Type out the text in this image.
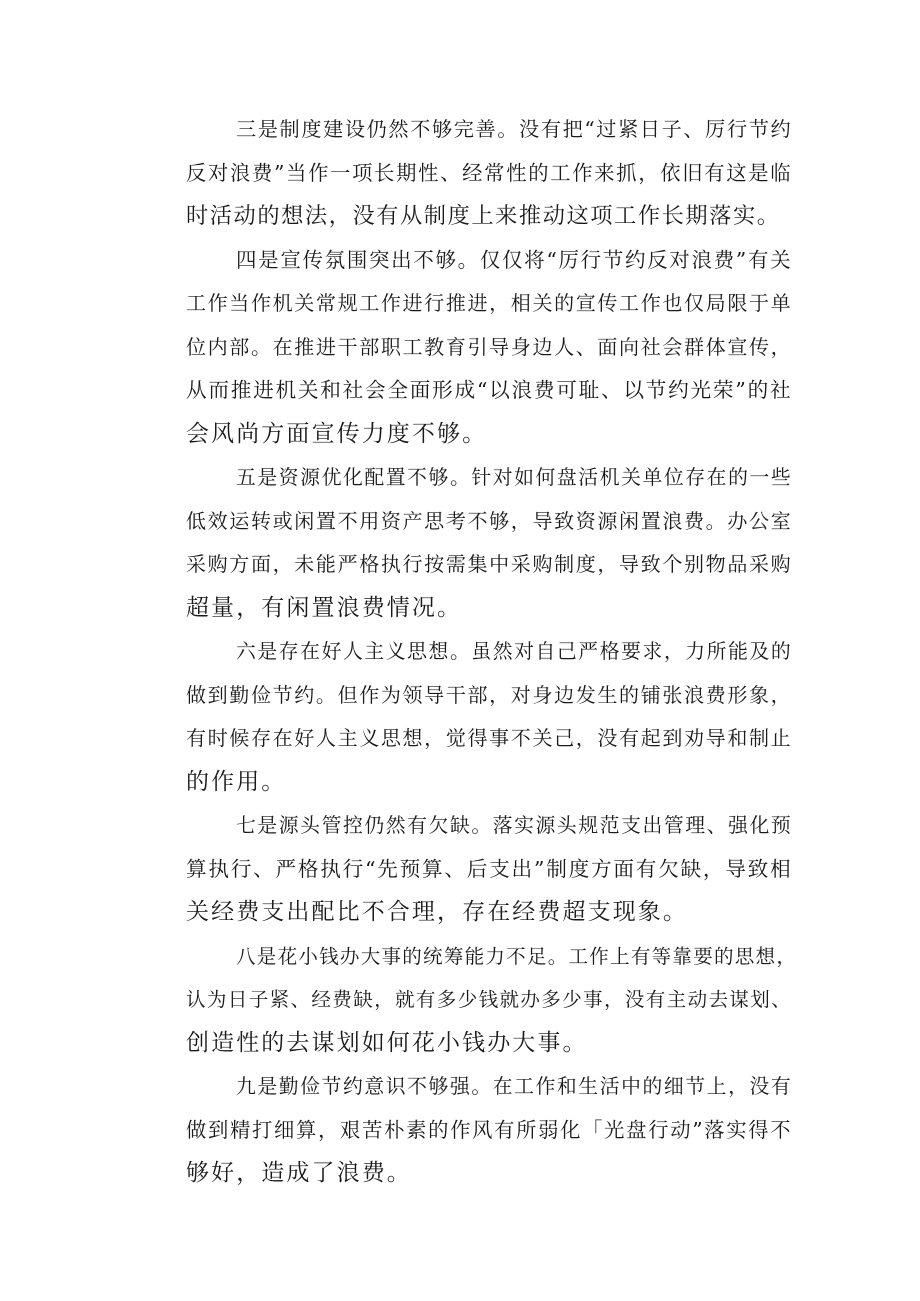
三是制度建设仍然不够完善。没有把“过紧日子、厉行节约
反对浪费”当作一项长期性、经常性的工作来抓，依旧有这是临
时活动的想法，没有从制度上来推动这项工作长期落实。
四是宣传氛围突出不够。仅仅将“厉行节约反对浪费”有关
工作当作机关常规工作进行推进，相关的宣传工作也仅局限于单
位内部。在推进干部职工教育引导身边人、面向社会群体宣传，
从而推进机关和社会全面形成“以浪费可耻、以节约光荣”的社
会风尚方面宣传力度不够。
五是资源优化配置不够。针对如何盘活机关单位存在的一些
低效运转或闲置不用资产思考不够，导致资源闲置浪费。办公室
采购方面，未能严格执行按需集中采购制度，导致个别物品采购
超量，有闲置浪费情况。
六是存在好人主义思想。虽然对自己严格要求，力所能及的
做到勤俭节约。但作为领导干部，对身边发生的铺张浪费形象，
有时候存在好人主义思想，觉得事不关己，没有起到劝导和制止
的作用。
七是源头管控仍然有欠缺。落实源头规范支出管理、强化预
算执行、严格执行“先预算、后支出”制度方面有欠缺，导致相
关经费支出配比不合理，存在经费超支现象。
八是花小钱办大事的统筹能力不足。工作上有等靠要的思想，
认为日子紧、经费缺，就有多少钱就办多少事，没有主动去谋划、
创造性的去谋划如何花小钱办大事。
九是勤俭节约意识不够强。在工作和生活中的细节上，没有
做到精打细算，艰苦朴素的作风有所弱化「光盘行动”落实得不
够好，造成了浪费。
